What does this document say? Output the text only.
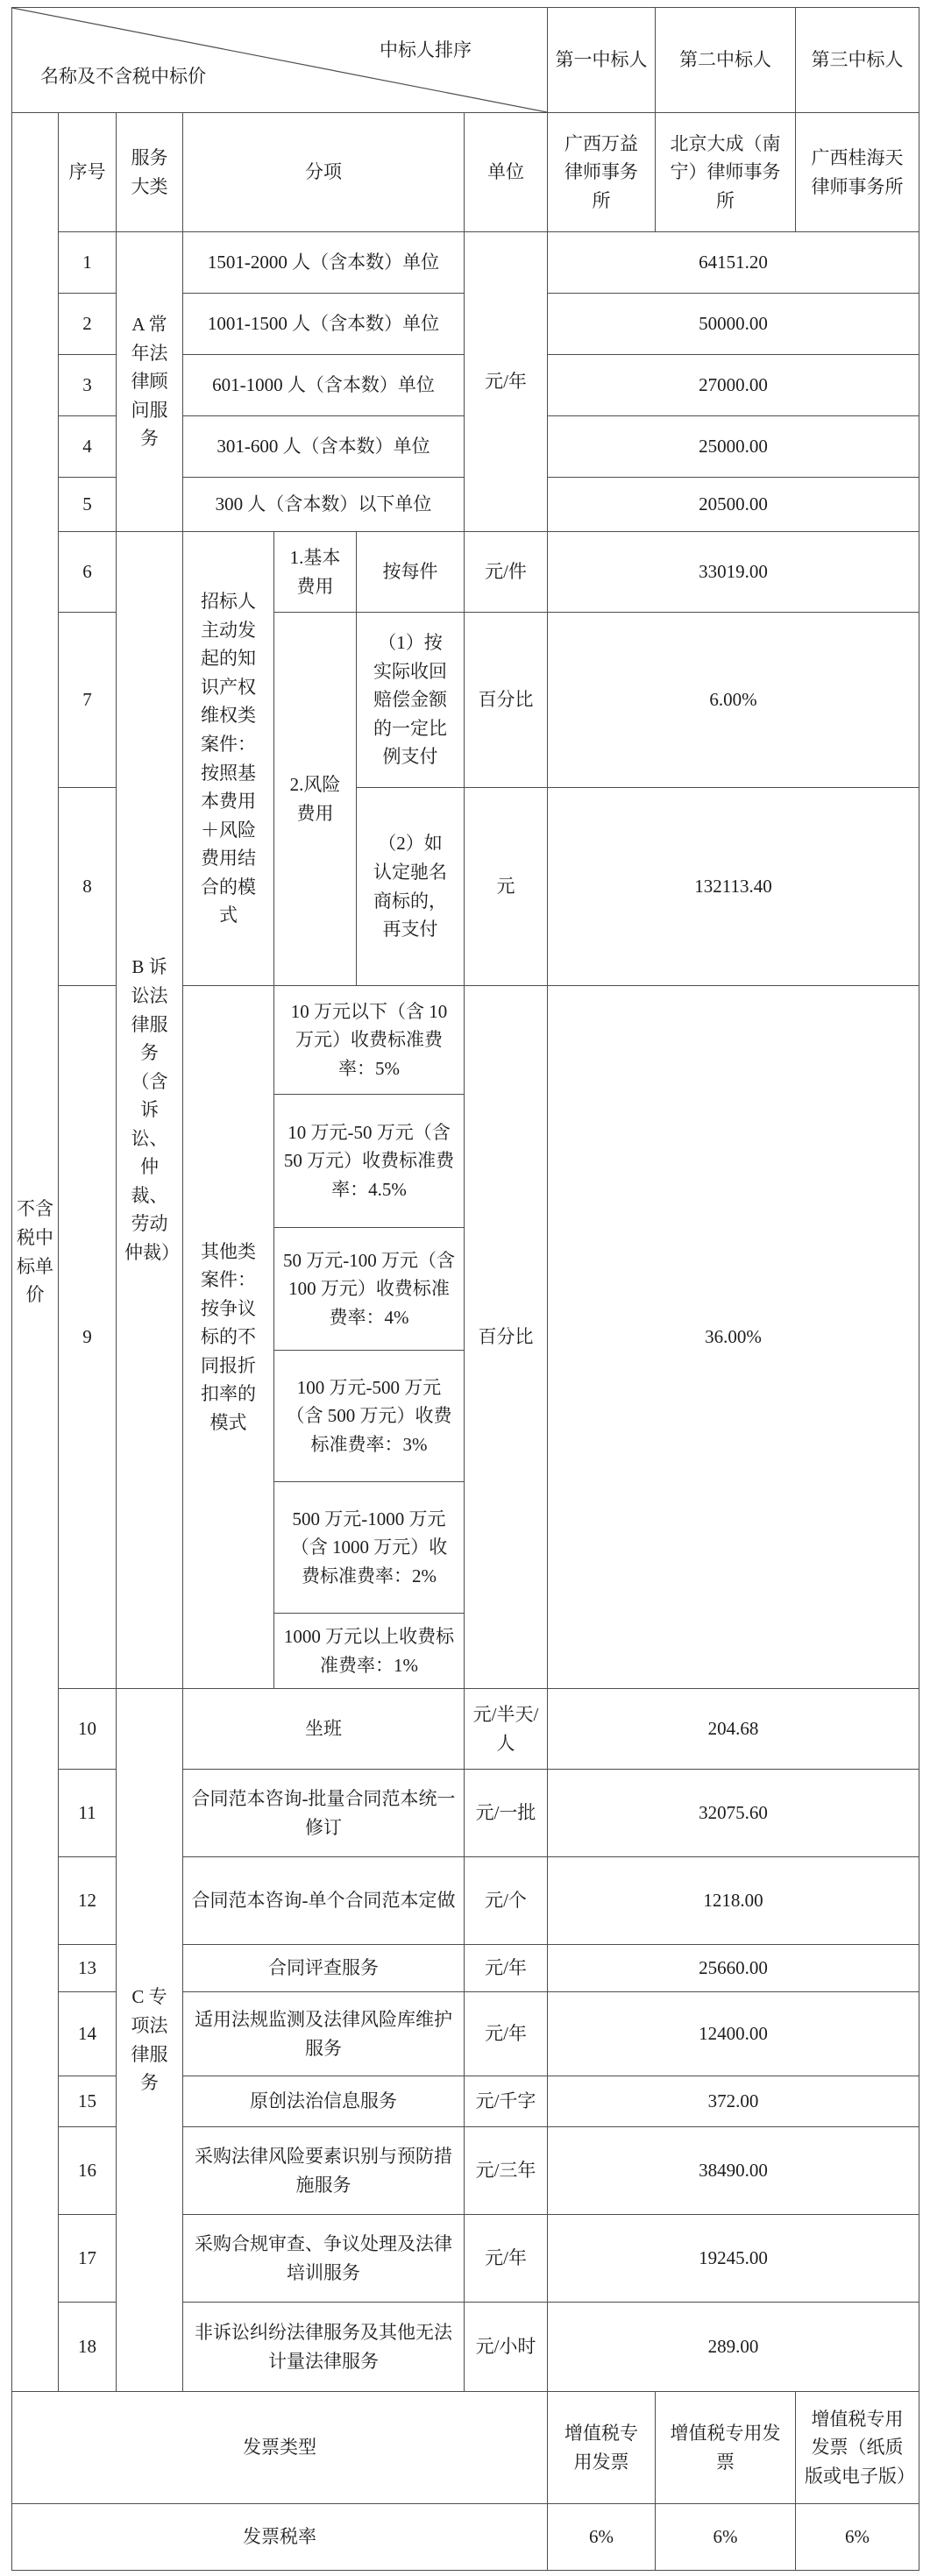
名称及不含税中标价
中标人排序							第一中标人	第二中标人	第三中标人
不含税中标单价	序号	服务大类	分项			单位	广西万益律师事务所	北京大成（南宁）律师事务所	广西桂海天律师事务所
	1	A 常年法律顾问服务	1501-2000 人（含本数）单位			元/年	64151.20		
	2		1001-1500 人（含本数）单位				50000.00		
	3		601-1000 人（含本数）单位				27000.00		
	4		301-600 人（含本数）单位				25000.00		
	5		300 人（含本数）以下单位				20500.00		
	6	B 诉讼法律服务（含诉讼、仲裁、劳动仲裁）	招标人主动发起的知识产权维权类案件：按照基本费用＋风险费用结合的模式	1.基本费用	按每件	元/件	33019.00		
	7			2.风险费用	（1）按实际收回赔偿金额的一定比例支付	百分比	6.00%		
	8				（2）如认定驰名商标的，再支付	元	132113.40		
	9		其他类案件：按争议标的不同报折扣率的模式	10 万元以下（含 10 万元）收费标准费率：5%		百分比	36.00%		
				10 万元-50 万元（含 50 万元）收费标准费率：4.5%					
				50 万元-100 万元（含 100 万元）收费标准费率：4%					
				100 万元-500 万元（含 500 万元）收费标准费率：3%					
				500 万元-1000 万元（含 1000 万元）收费标准费率：2%					
				1000 万元以上收费标准费率：1%					
	10	C 专项法律服务	坐班			元/半天/人	204.68		
	11		合同范本咨询-批量合同范本统一修订			元/一批	32075.60		
	12		合同范本咨询-单个合同范本定做			元/个	1218.00		
	13		合同评查服务			元/年	25660.00		
	14		适用法规监测及法律风险库维护服务			元/年	12400.00		
	15		原创法治信息服务			元/千字	372.00		
	16		采购法律风险要素识别与预防措施服务			元/三年	38490.00		
	17		采购合规审查、争议处理及法律培训服务			元/年	19245.00		
	18		非诉讼纠纷法律服务及其他无法计量法律服务			元/小时	289.00		
发票类型							增值税专用发票	增值税专用发票	增值税专用发票（纸质版或电子版）
发票税率							6%	6%	6%
